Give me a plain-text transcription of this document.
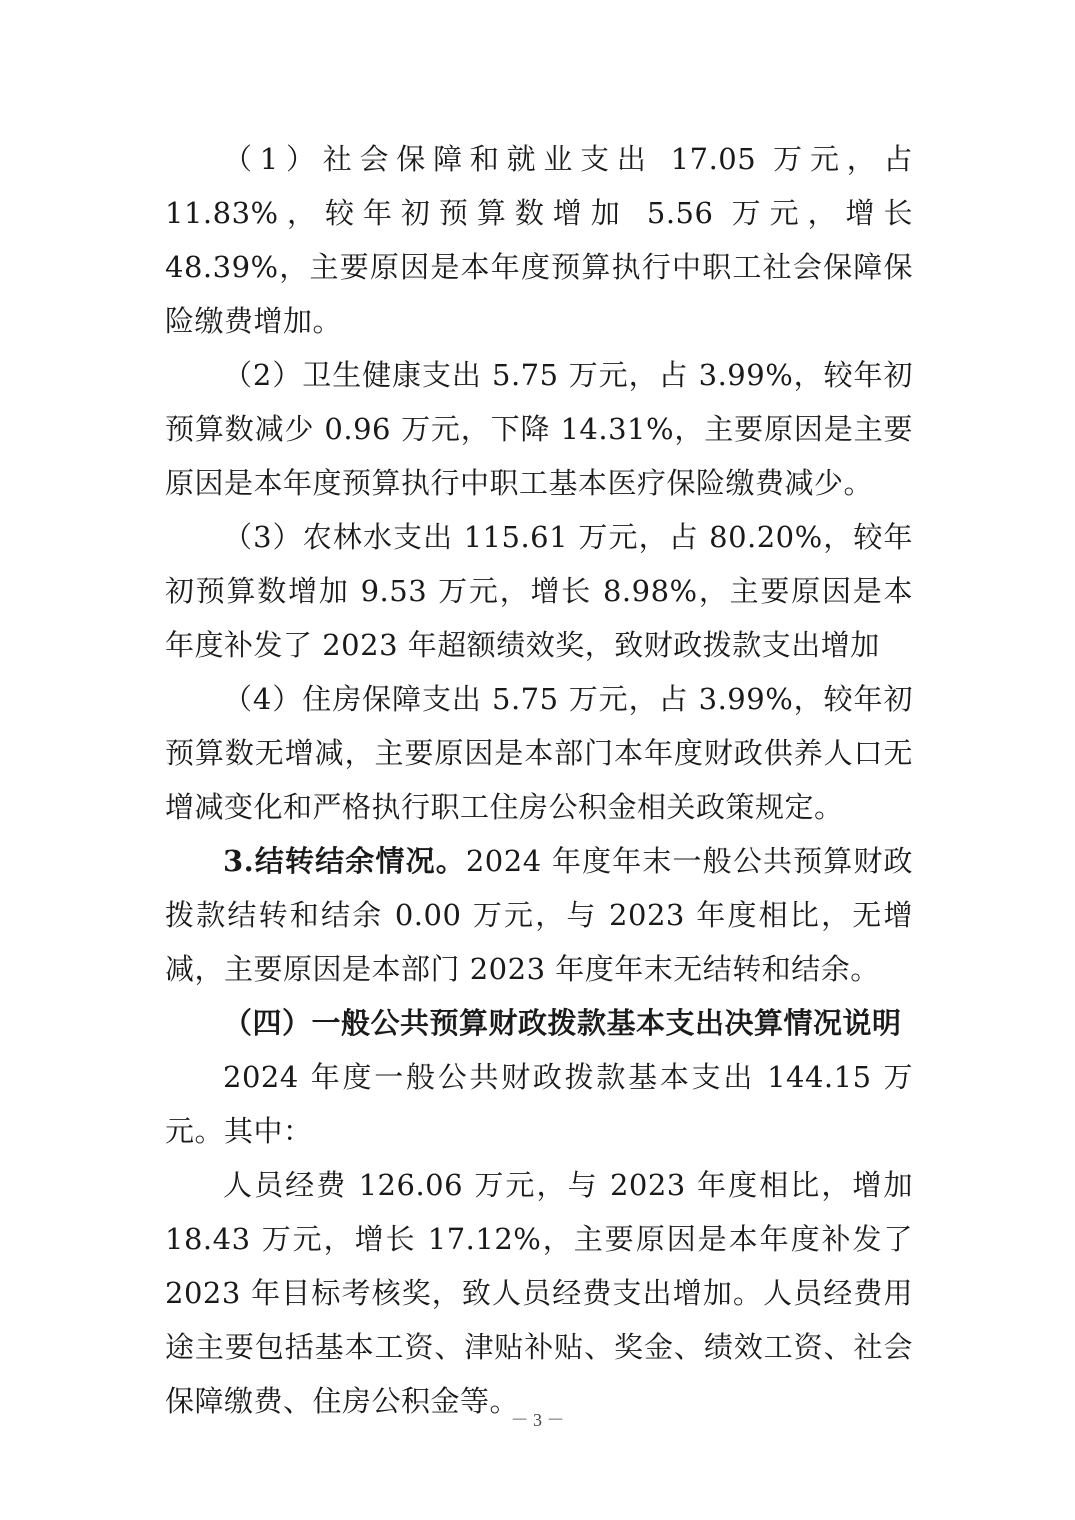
（1）社会保障和就业支出 17.05 万元，占 11.83%，较年初预算数增加 5.56 万元，增长 48.39%，主要原因是本年度预算执行中职工社会保障保险缴费增加。

（2）卫生健康支出 5.75 万元，占 3.99%，较年初预算数减少 0.96 万元，下降 14.31%，主要原因是主要原因是本年度预算执行中职工基本医疗保险缴费减少。

（3）农林水支出 115.61 万元，占 80.20%，较年初预算数增加 9.53 万元，增长 8.98%，主要原因是本年度补发了 2023 年超额绩效奖，致财政拨款支出增加

（4）住房保障支出 5.75 万元，占 3.99%，较年初预算数无增减，主要原因是本部门本年度财政供养人口无增减变化和严格执行职工住房公积金相关政策规定。

3.结转结余情况。2024 年度年末一般公共预算财政拨款结转和结余 0.00 万元，与 2023 年度相比，无增减，主要原因是本部门 2023 年度年末无结转和结余。

（四）一般公共预算财政拨款基本支出决算情况说明

2024 年度一般公共财政拨款基本支出 144.15 万元。其中：

人员经费 126.06 万元，与 2023 年度相比，增加 18.43 万元，增长 17.12%，主要原因是本年度补发了 2023 年目标考核奖，致人员经费支出增加。人员经费用途主要包括基本工资、津贴补贴、奖金、绩效工资、社会保障缴费、住房公积金等。

－ 3 －
